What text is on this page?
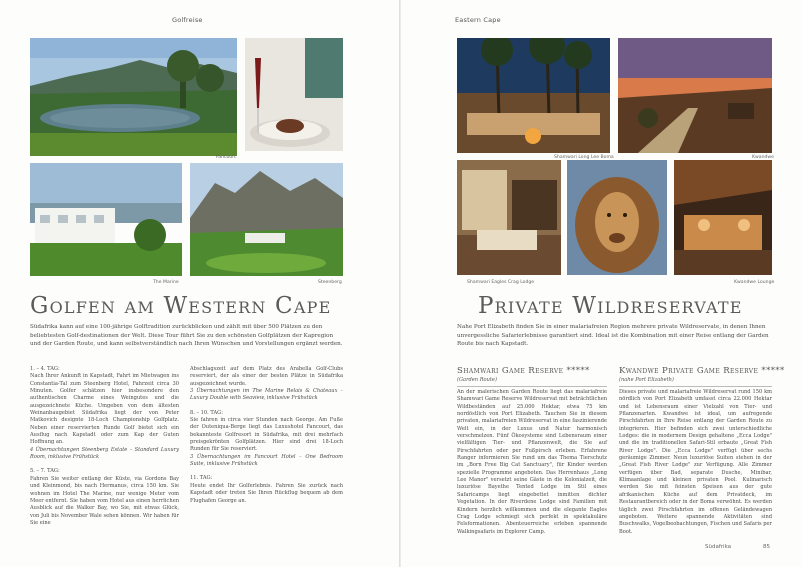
Golfreise
Fancourt
The Marine	Steenberg
Golfen am Western Cape
Südafrika kann auf eine 100-jährige Golftradition zurückblicken und zählt mit über 500 Plätzen zu den beliebtesten Golf-destinationen der Welt. Diese Tour führt Sie zu den schönsten Golfplätzen der Kapregion und der Garden Route, und kann selbstverständlich nach Ihren Wünschen und Vorstellungen ergänzt werden.

1. – 4. TAG:

Nach Ihrer Ankunft in Kapstadt, Fahrt im Mietwagen ins Constantia-Tal zum Steenberg Hotel, Fahrzeit circa 30 Minuten. Golfer schätzen hier insbesondere den authentischen Charme eines Weingutes und die ausgezeichnete Küche. Umgeben von dem ältesten Weinanbaugebiet Südafrika liegt der von Peter Matkovich designte 18-Loch Championship Golfplatz. Neben einer reservierten Runde Golf bietet sich ein Ausflug nach Kapstadt oder zum Kap der Guten Hoffnung an.

4 Übernachtungen Steenberg Estate – Standard Luxury Room, inklusive Frühstück

5. – 7. TAG:

Fahren Sie weiter entlang der Küste, via Gordons Bay und Kleinmond, bis nach Hermanus, circa 150 km. Sie wohnen im Hotel The Marine, nur wenige Meter vom Meer entfernt. Sie haben vom Hotel aus einen herrlichen Ausblick auf die Walker Bay, wo Sie, mit etwas Glück, von Juli bis November Wale sehen können. Wir haben für Sie eine

Abschlagszeit auf dem Platz des Arabella Golf-Clubs reserviert, der als einer der besten Plätze in Südafrika ausgezeichnet wurde.

3 Übernachtungen im The Marine Relais & Chateaux – Luxury Double with Seaview, inklusive Frühstück

8. – 10. TAG:

Sie fahren in circa vier Stunden nach George. Am Fuße der Outeniqua-Berge liegt das Luxushotel Fancourt, das bekannteste Golfresort in Südafrika, mit drei mehrfach preisgekrönten Golfplätzen. Hier sind drei 18-Loch Runden für Sie reserviert.

3 Übernachtungen im Fancourt Hotel – One Bedroom Suite, inklusive Frühstück

11. TAG:

Heute endet Ihr Golferlebnis. Fahren Sie zurück nach Kapstadt oder treten Sie Ihren Rückflug bequem ab dem Flughafen George an.

Eastern Cape
Shamwari Long Lee Boma	Kwandwe
Shamwari Eagles Crag Lodge	Kwandwe Lounge
Private Wildreservate
Nahe Port Elizabeth finden Sie in einer malariafreien Region mehrere private Wildreservate, in denen Ihnen unvergessliche Safarierlebnisse garantiert sind. Ideal ist die Kombination mit einer Reise entlang der Garden Route bis nach Kapstadt.
Shamwari Game Reserve *****
(Garden Route)
Kwandwe Private Game Reserve *****
(nahe Port Elizabeth)
An der malerischen Garden Route liegt das malariafreie Shamwari Game Reserve Wildreservat mit beträchtlichen Wildbeständen auf 25.000 Hektar, etwa 75 km nordöstlich von Port Elizabeth. Tauchen Sie in diesem privaten, malariafreien Wildreservat in eine faszinierende Welt ein, in der Luxus und Natur harmonisch verschmelzen. Fünf Ökosysteme sind Lebensraum einer vielfältigen Tier- und Pflanzenwelt, die Sie auf Pirschfahrten oder per Fußpirsch erleben. Erfahrene Ranger informieren Sie rund um das Thema Tierschutz im „Born Free Big Cat Sanctuary", für Kinder werden spezielle Programme angeboten. Das Herrenhaus „Long Lee Manor" versetzt seine Gäste in die Kolonialzeit, die luxuriöse Bayethe Tented Lodge im Stil eines Safaricamps liegt eingebettet inmitten dichter Vegetation. In der Riverdene Lodge sind Familien mit Kindern herzlich willkommen und die elegante Eagles Crag Lodge schmiegt sich perfekt in spektakuläre Felsformationen. Abenteuerreiche erleben spannende Walkingsafaris im Explorer Camp.
Dieses private und malariafreie Wildreservat rund 150 km nördlich von Port Elizabeth umfasst circa 22.000 Hektar und ist Lebensraum einer Vielzahl von Tier- und Pflanzenarten. Kwandwe ist ideal, um aufregende Pirschfahrten in Ihre Reise entlang der Garden Route zu integrieren. Hier befinden sich zwei unterschiedliche Lodges: die in modernem Design gehaltene „Ecca Lodge" und die im traditionellen Safari-Stil erbaute „Great Fish River Lodge". Die „Ecca Lodge" verfügt über sechs geräumige Zimmer. Neun luxuriöse Suiten stehen in der „Great Fish River Lodge" zur Verfügung. Alle Zimmer verfügen über Bad, separate Dusche, Minibar, Klimaanlage und kleinen privaten Pool. Kulinarisch werden Sie mit feinsten Speisen aus der gute afrikanischen Küche auf dem Privatdeck, im Restaurantbereich oder in der Boma verwöhnt. Es werden täglich zwei Pirschfahrten im offenen Geländewagen angeboten. Weitere spannende Aktivitäten sind Buschwalks, Vogelbeobachtungen, Fischen und Safaris per Boot.
Südafrika	85
